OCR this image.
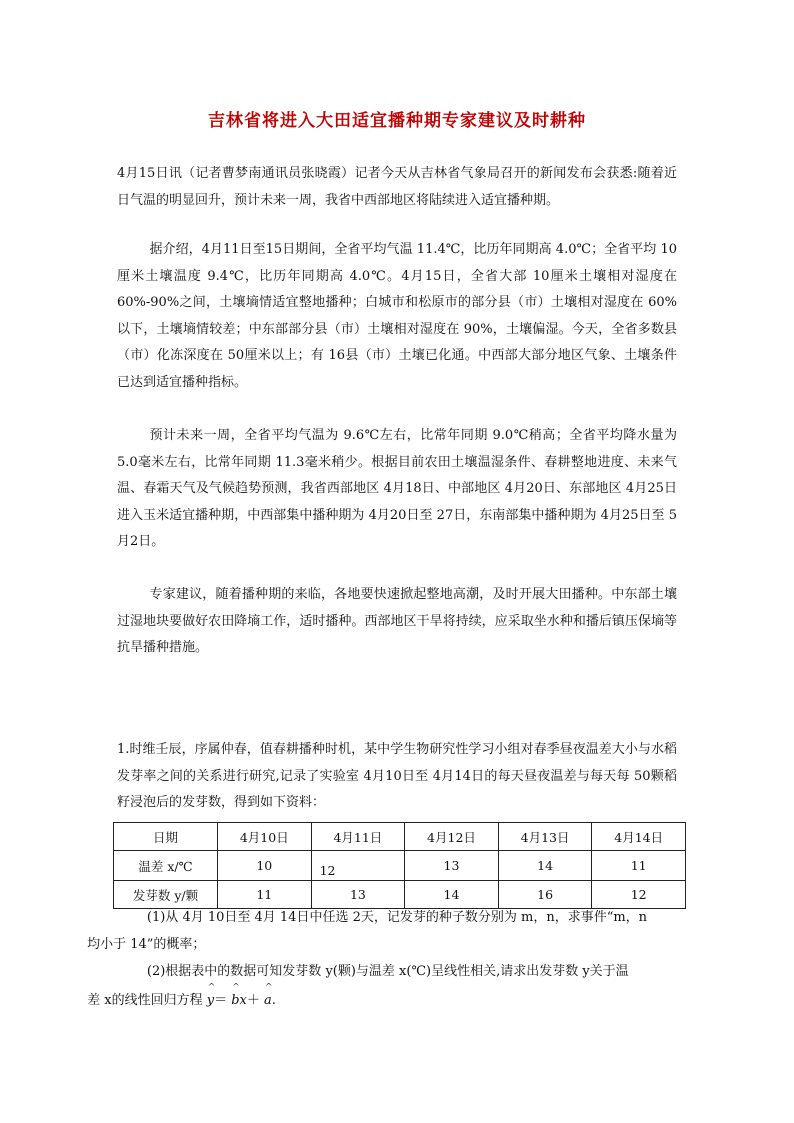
吉林省将进入大田适宜播种期专家建议及时耕种

4月15日讯（记者曹梦南通讯员张晓霞）记者今天从吉林省气象局召开的新闻发布会获悉:随着近日气温的明显回升，预计未来一周，我省中西部地区将陆续进入适宜播种期。

据介绍，4月11日至15日期间，全省平均气温 11.4℃，比历年同期高 4.0℃；全省平均 10厘米土壤温度 9.4℃，比历年同期高 4.0℃。4月15日，全省大部 10厘米土壤相对湿度在 60%-90%之间，土壤墒情适宜整地播种；白城市和松原市的部分县（市）土壤相对湿度在 60%以下，土壤墒情较差；中东部部分县（市）土壤相对湿度在 90%，土壤偏湿。今天，全省多数县（市）化冻深度在 50厘米以上；有 16县（市）土壤已化通。中西部大部分地区气象、土壤条件已达到适宜播种指标。

预计未来一周，全省平均气温为 9.6℃左右，比常年同期 9.0℃稍高；全省平均降水量为 5.0毫米左右，比常年同期 11.3毫米稍少。根据目前农田土壤温湿条件、春耕整地进度、未来气温、春霜天气及气候趋势预测，我省西部地区 4月18日、中部地区 4月20日、东部地区 4月25日进入玉米适宜播种期，中西部集中播种期为 4月20日至 27日，东南部集中播种期为 4月25日至 5月2日。

专家建议，随着播种期的来临，各地要快速掀起整地高潮，及时开展大田播种。中东部土壤过湿地块要做好农田降墒工作，适时播种。西部地区干旱将持续，应采取坐水种和播后镇压保墒等抗旱播种措施。

1.时维壬辰，序属仲春，值春耕播种时机，某中学生物研究性学习小组对春季昼夜温差大小与水稻发芽率之间的关系进行研究,记录了实验室 4月10日至 4月14日的每天昼夜温差与每天每 50颗稻籽浸泡后的发芽数，得到如下资料：

日期	4月10日	4月11日	4月12日	4月13日	4月14日
温差 x/℃	10	12	13	14	11
发芽数 y/颗	11	13	14	16	12
(1)从 4月 10日至 4月 14日中任选 2天，记发芽的种子数分别为 m，n，求事件“m，n
均小于 14”的概率；
(2)根据表中的数据可知发芽数 y(颗)与温差 x(℃)呈线性相关,请求出发芽数 y关于温
差 x的线性回归方程 ^ y＝ ^ bx＋ ^ a.
